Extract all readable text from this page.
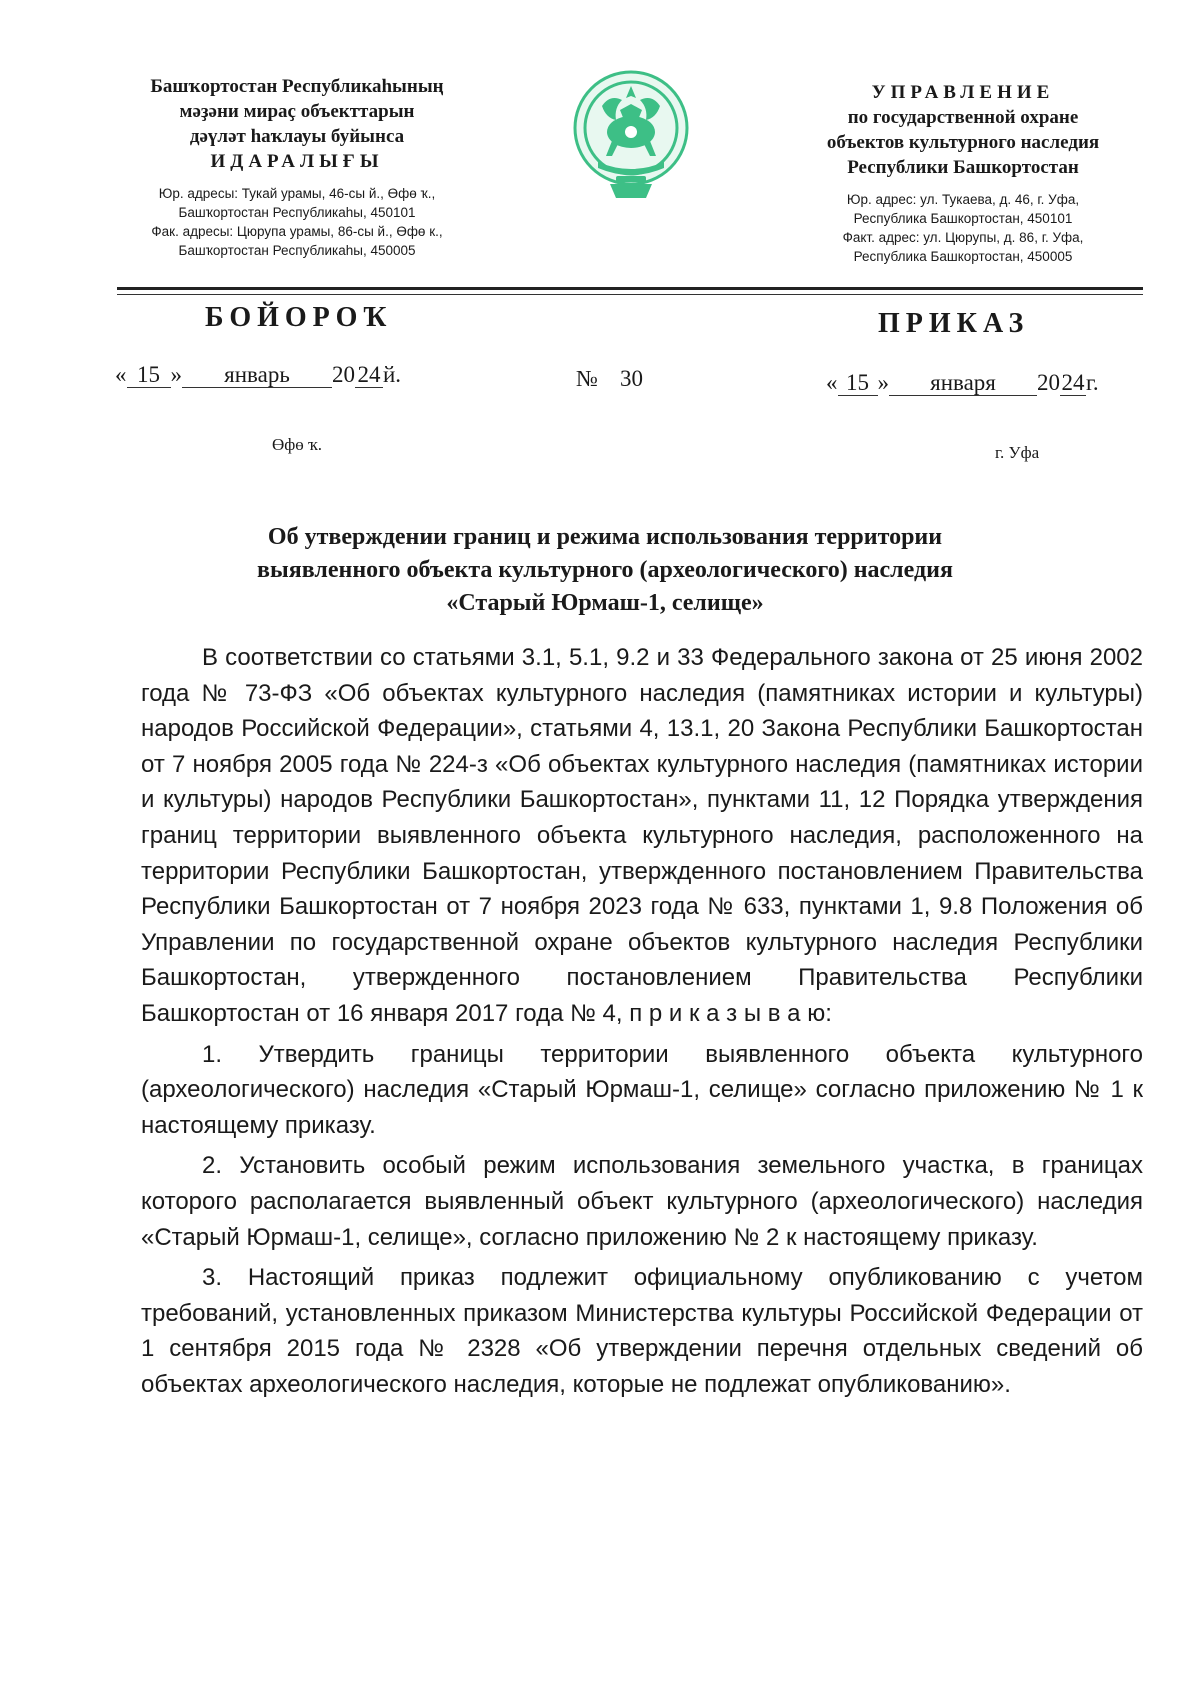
Башҡортостан Республикаһының
мәҙәни мираҫ объекттарын
дәүләт һаҡлауы буйынса
ИДАРАЛЫҒЫ
Юр. адресы: Тукай урамы, 46-сы й., Өфө ҡ.,
Башҡортостан Республикаһы, 450101
Фак. адресы: Цюрупа урамы, 86-сы й., Өфө к.,
Башҡортостан Республикаһы, 450005
УПРАВЛЕНИЕ
по государственной охране
объектов культурного наследия
Республики Башкортостан
Юр. адрес: ул. Тукаева, д. 46, г. Уфа,
Республика Башкортостан, 450101
Факт. адрес: ул. Цюрупы, д. 86, г. Уфа,
Республика Башкортостан, 450005
БОЙОРОҠ	ПРИКАЗ
« 15 » январь 20 24 й.	№ 30	« 15 » января 2024г.
Өфө ҡ.	г. Уфа
Об утверждении границ и режима использования территории
выявленного объекта культурного (археологического) наследия
«Старый Юрмаш-1, селище»

В соответствии со статьями 3.1, 5.1, 9.2 и 33 Федерального закона от 25 июня 2002 года № 73-ФЗ «Об объектах культурного наследия (памятниках истории и культуры) народов Российской Федерации», статьями 4, 13.1, 20 Закона Республики Башкортостан от 7 ноября 2005 года № 224-з «Об объектах культурного наследия (памятниках истории и культуры) народов Республики Башкортостан», пунктами 11, 12 Порядка утверждения границ территории выявленного объекта культурного наследия, расположенного на территории Республики Башкортостан, утвержденного постановлением Правительства Республики Башкортостан от 7 ноября 2023 года № 633, пунктами 1, 9.8 Положения об Управлении по государственной охране объектов культурного наследия Республики Башкортостан, утвержденного постановлением Правительства Республики Башкортостан от 16 января 2017 года № 4, п р и к а з ы в а ю:

1. Утвердить границы территории выявленного объекта культурного (археологического) наследия «Старый Юрмаш-1, селище» согласно приложению № 1 к настоящему приказу.

2. Установить особый режим использования земельного участка, в границах которого располагается выявленный объект культурного (археологического) наследия «Старый Юрмаш-1, селище», согласно приложению № 2 к настоящему приказу.

3. Настоящий приказ подлежит официальному опубликованию с учетом требований, установленных приказом Министерства культуры Российской Федерации от 1 сентября 2015 года № 2328 «Об утверждении перечня отдельных сведений об объектах археологического наследия, которые не подлежат опубликованию».
